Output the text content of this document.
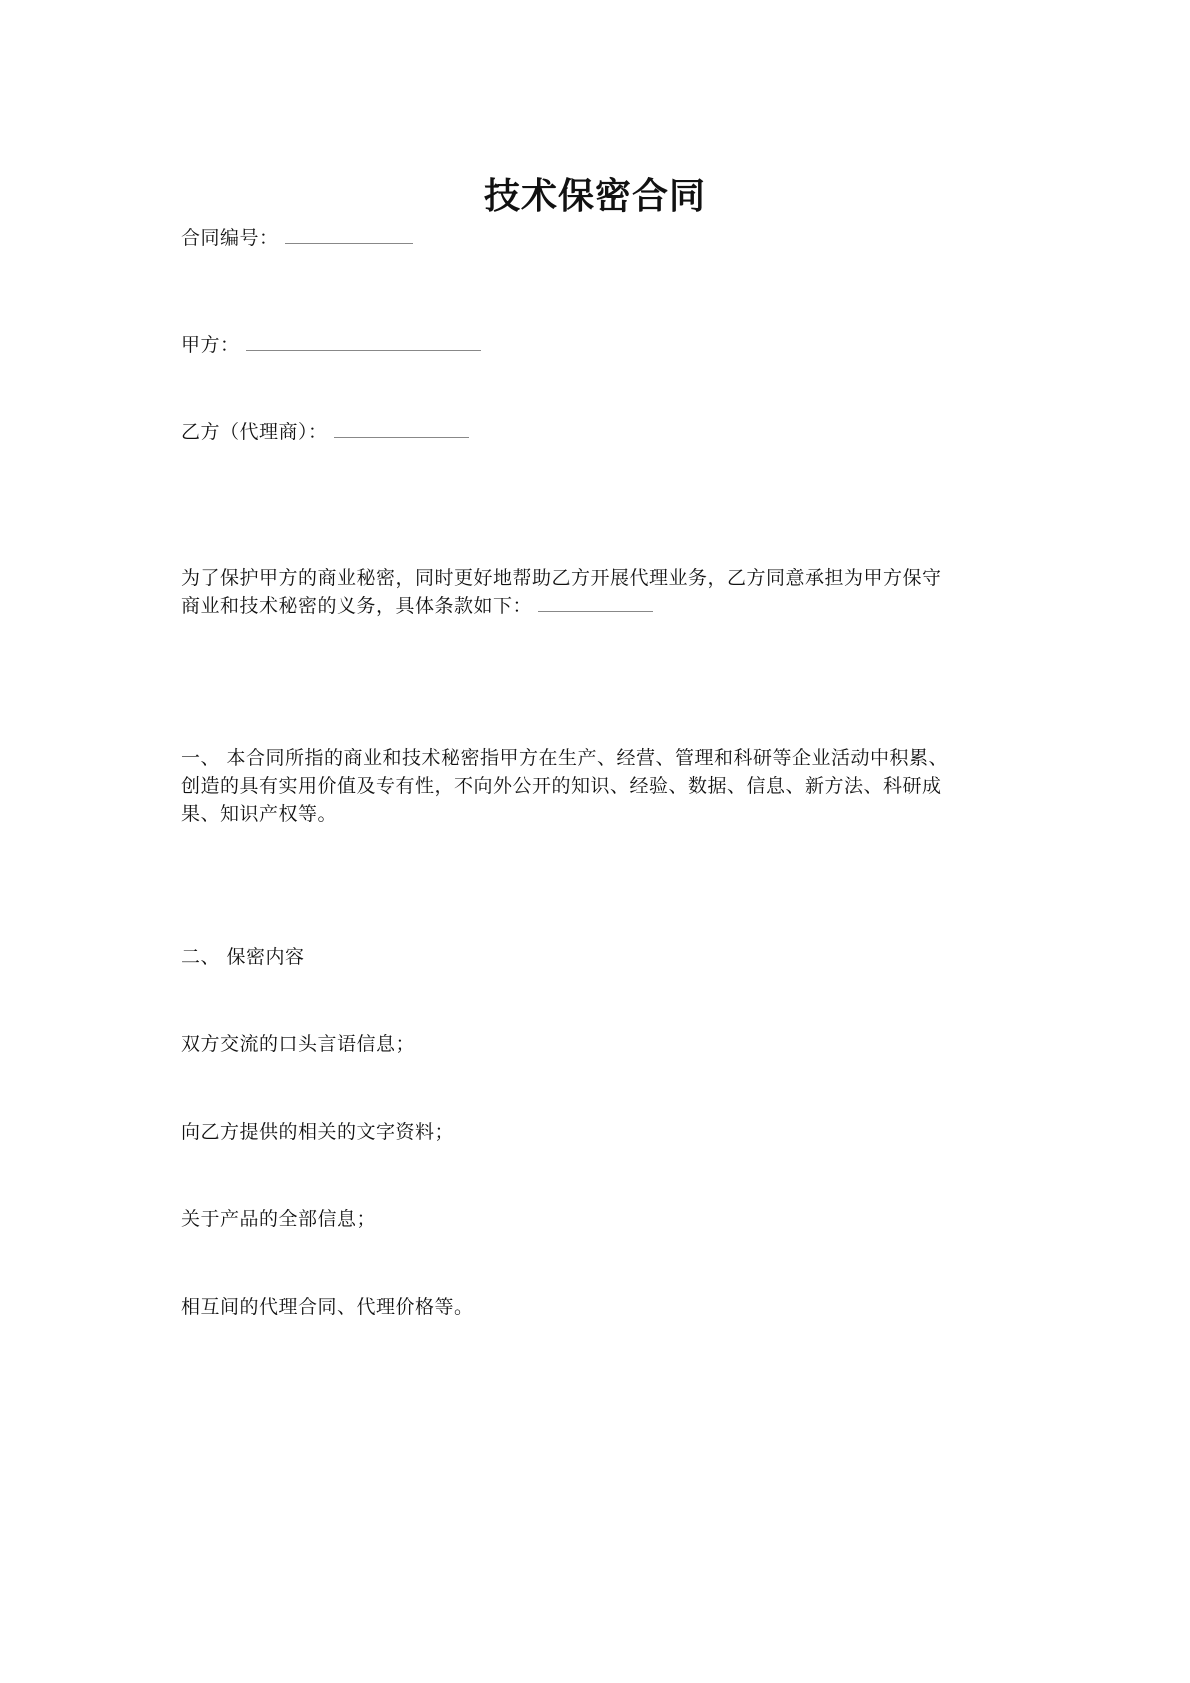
技术保密合同
合同编号：
甲方：
乙方（代理商）：
为了保护甲方的商业秘密，同时更好地帮助乙方开展代理业务，乙方同意承担为甲方保守
商业和技术秘密的义务，具体条款如下：
一、 本合同所指的商业和技术秘密指甲方在生产、经营、管理和科研等企业活动中积累、
创造的具有实用价值及专有性，不向外公开的知识、经验、数据、信息、新方法、科研成
果、知识产权等。
二、 保密内容
双方交流的口头言语信息；
向乙方提供的相关的文字资料；
关于产品的全部信息；
相互间的代理合同、代理价格等。
